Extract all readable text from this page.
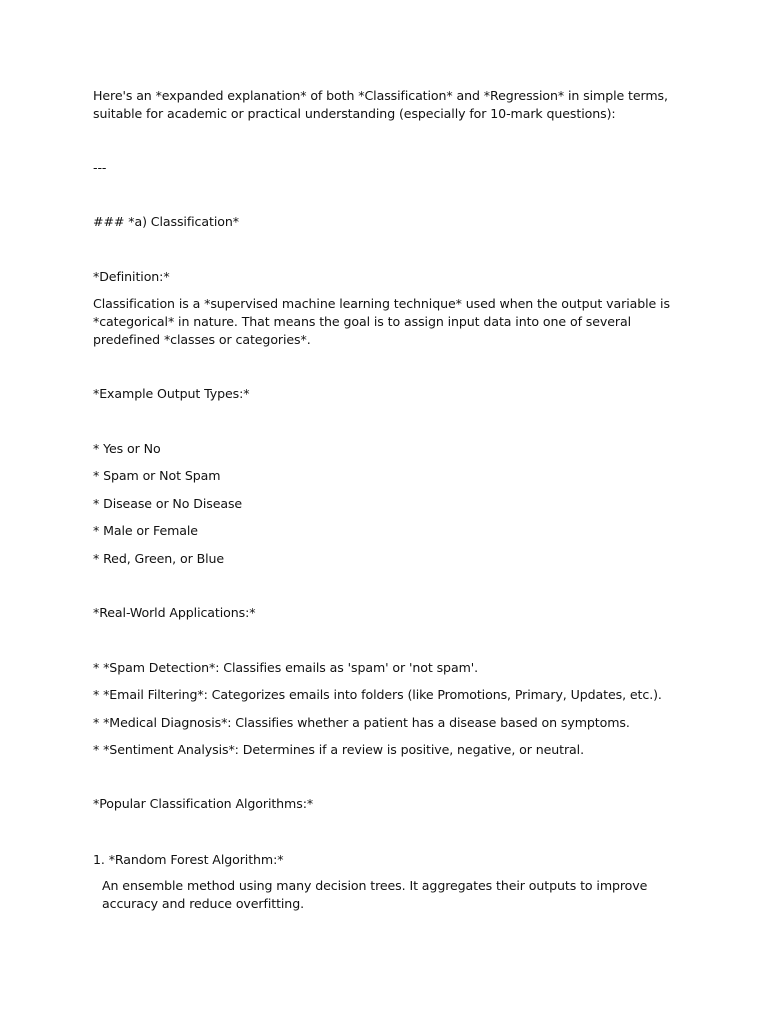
Here's an *expanded explanation* of both *Classification* and *Regression* in simple terms, suitable for academic or practical understanding (especially for 10-mark questions):
---
### *a) Classification*
*Definition:*
Classification is a *supervised machine learning technique* used when the output variable is *categorical* in nature. That means the goal is to assign input data into one of several predefined *classes or categories*.
*Example Output Types:*
* Yes or No
* Spam or Not Spam
* Disease or No Disease
* Male or Female
* Red, Green, or Blue
*Real-World Applications:*
* *Spam Detection*: Classifies emails as 'spam' or 'not spam'.
* *Email Filtering*: Categorizes emails into folders (like Promotions, Primary, Updates, etc.).
* *Medical Diagnosis*: Classifies whether a patient has a disease based on symptoms.
* *Sentiment Analysis*: Determines if a review is positive, negative, or neutral.
*Popular Classification Algorithms:*
1. *Random Forest Algorithm:*
An ensemble method using many decision trees. It aggregates their outputs to improve accuracy and reduce overfitting.
